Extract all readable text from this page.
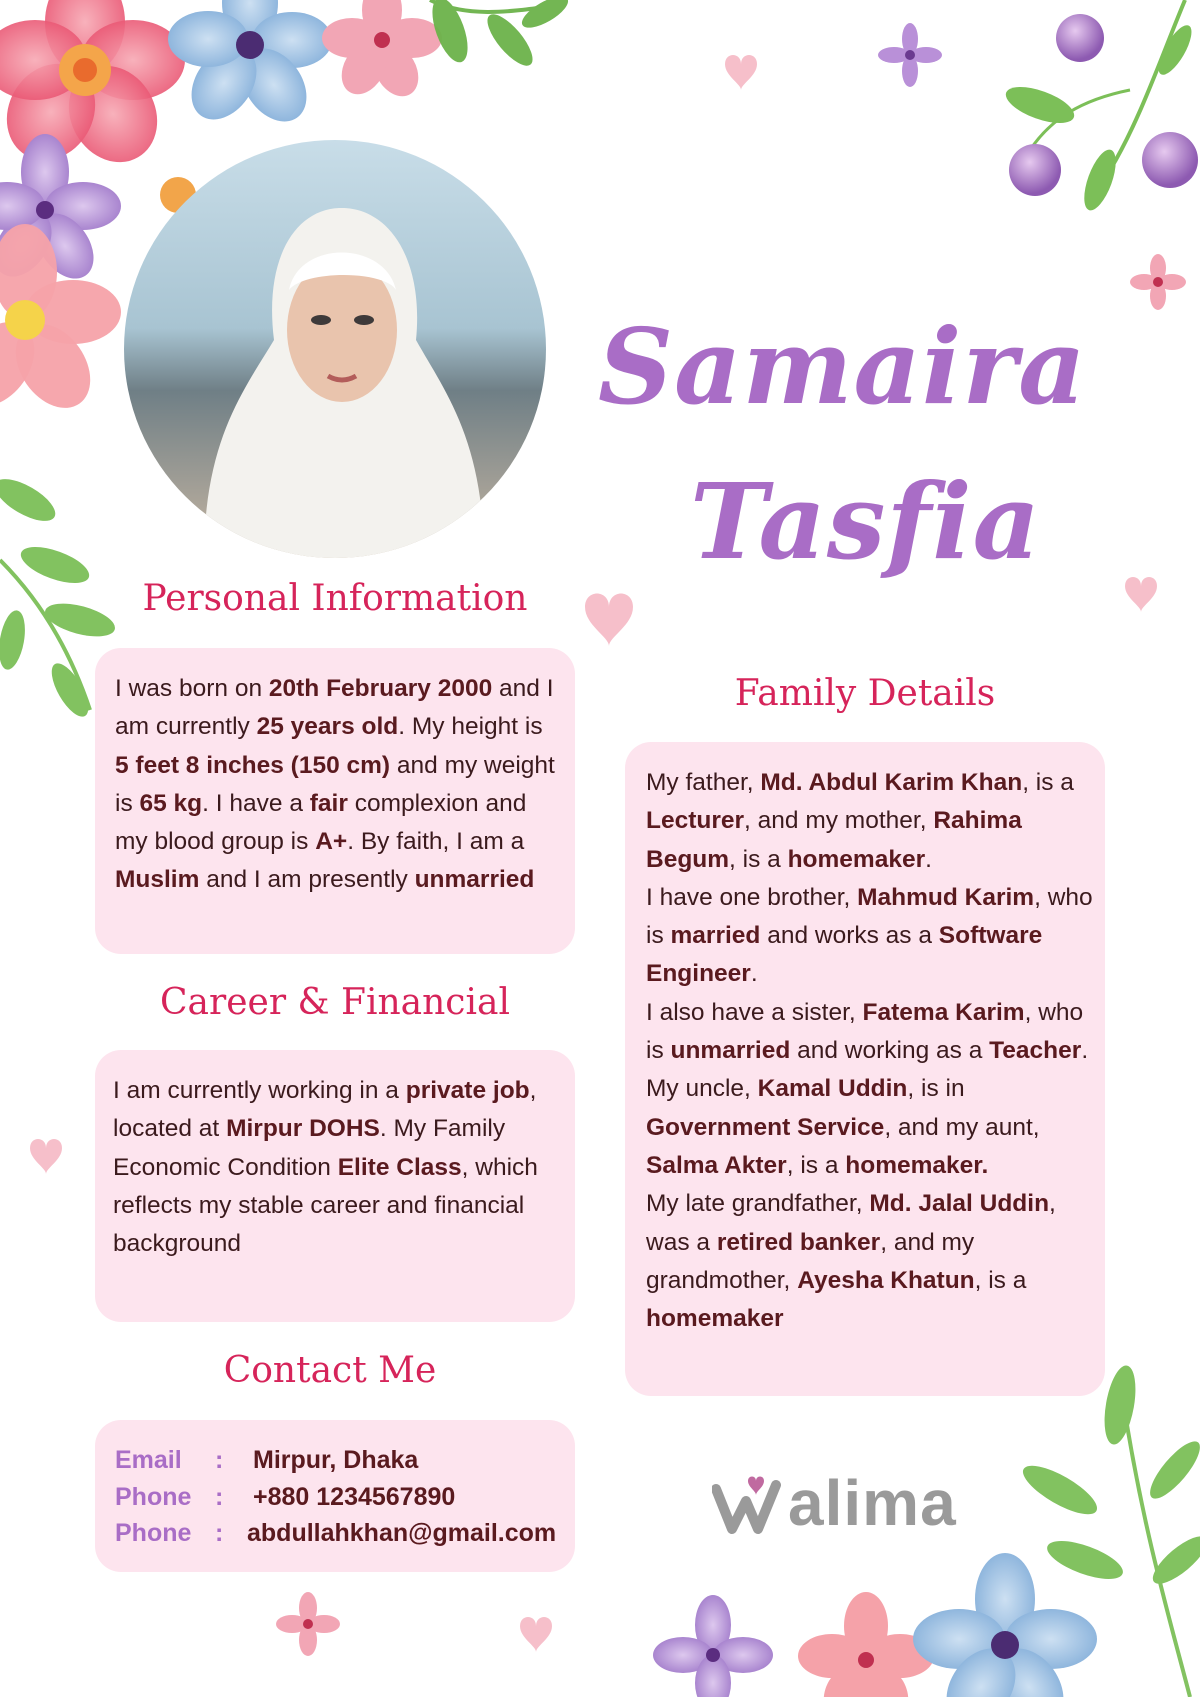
Samaira
Tasfia
Personal Information

I was born on 20th February 2000 and I am currently 25 years old. My height is 5 feet 8 inches (150 cm) and my weight is 65 kg. I have a fair complexion and my blood group is A+. By faith, I am a Muslim and I am presently unmarried

Career & Financial

I am currently working in a private job, located at Mirpur DOHS. My Family Economic Condition Elite Class, which reflects my stable career and financial background

Contact Me
Email	:	Mirpur, Dhaka
Phone :	+880 1234567890
Phone : abdullahkhan@gmail.com
Family Details

My father, Md. Abdul Karim Khan, is a Lecturer, and my mother, Rahima Begum, is a homemaker.
I have one brother, Mahmud Karim, who is married and works as a Software Engineer.
I also have a sister, Fatema Karim, who is unmarried and working as a Teacher.
My uncle, Kamal Uddin, is in Government Service, and my aunt, Salma Akter, is a homemaker.
My late grandfather, Md. Jalal Uddin, was a retired banker, and my grandmother, Ayesha Khatun, is a homemaker

alima
